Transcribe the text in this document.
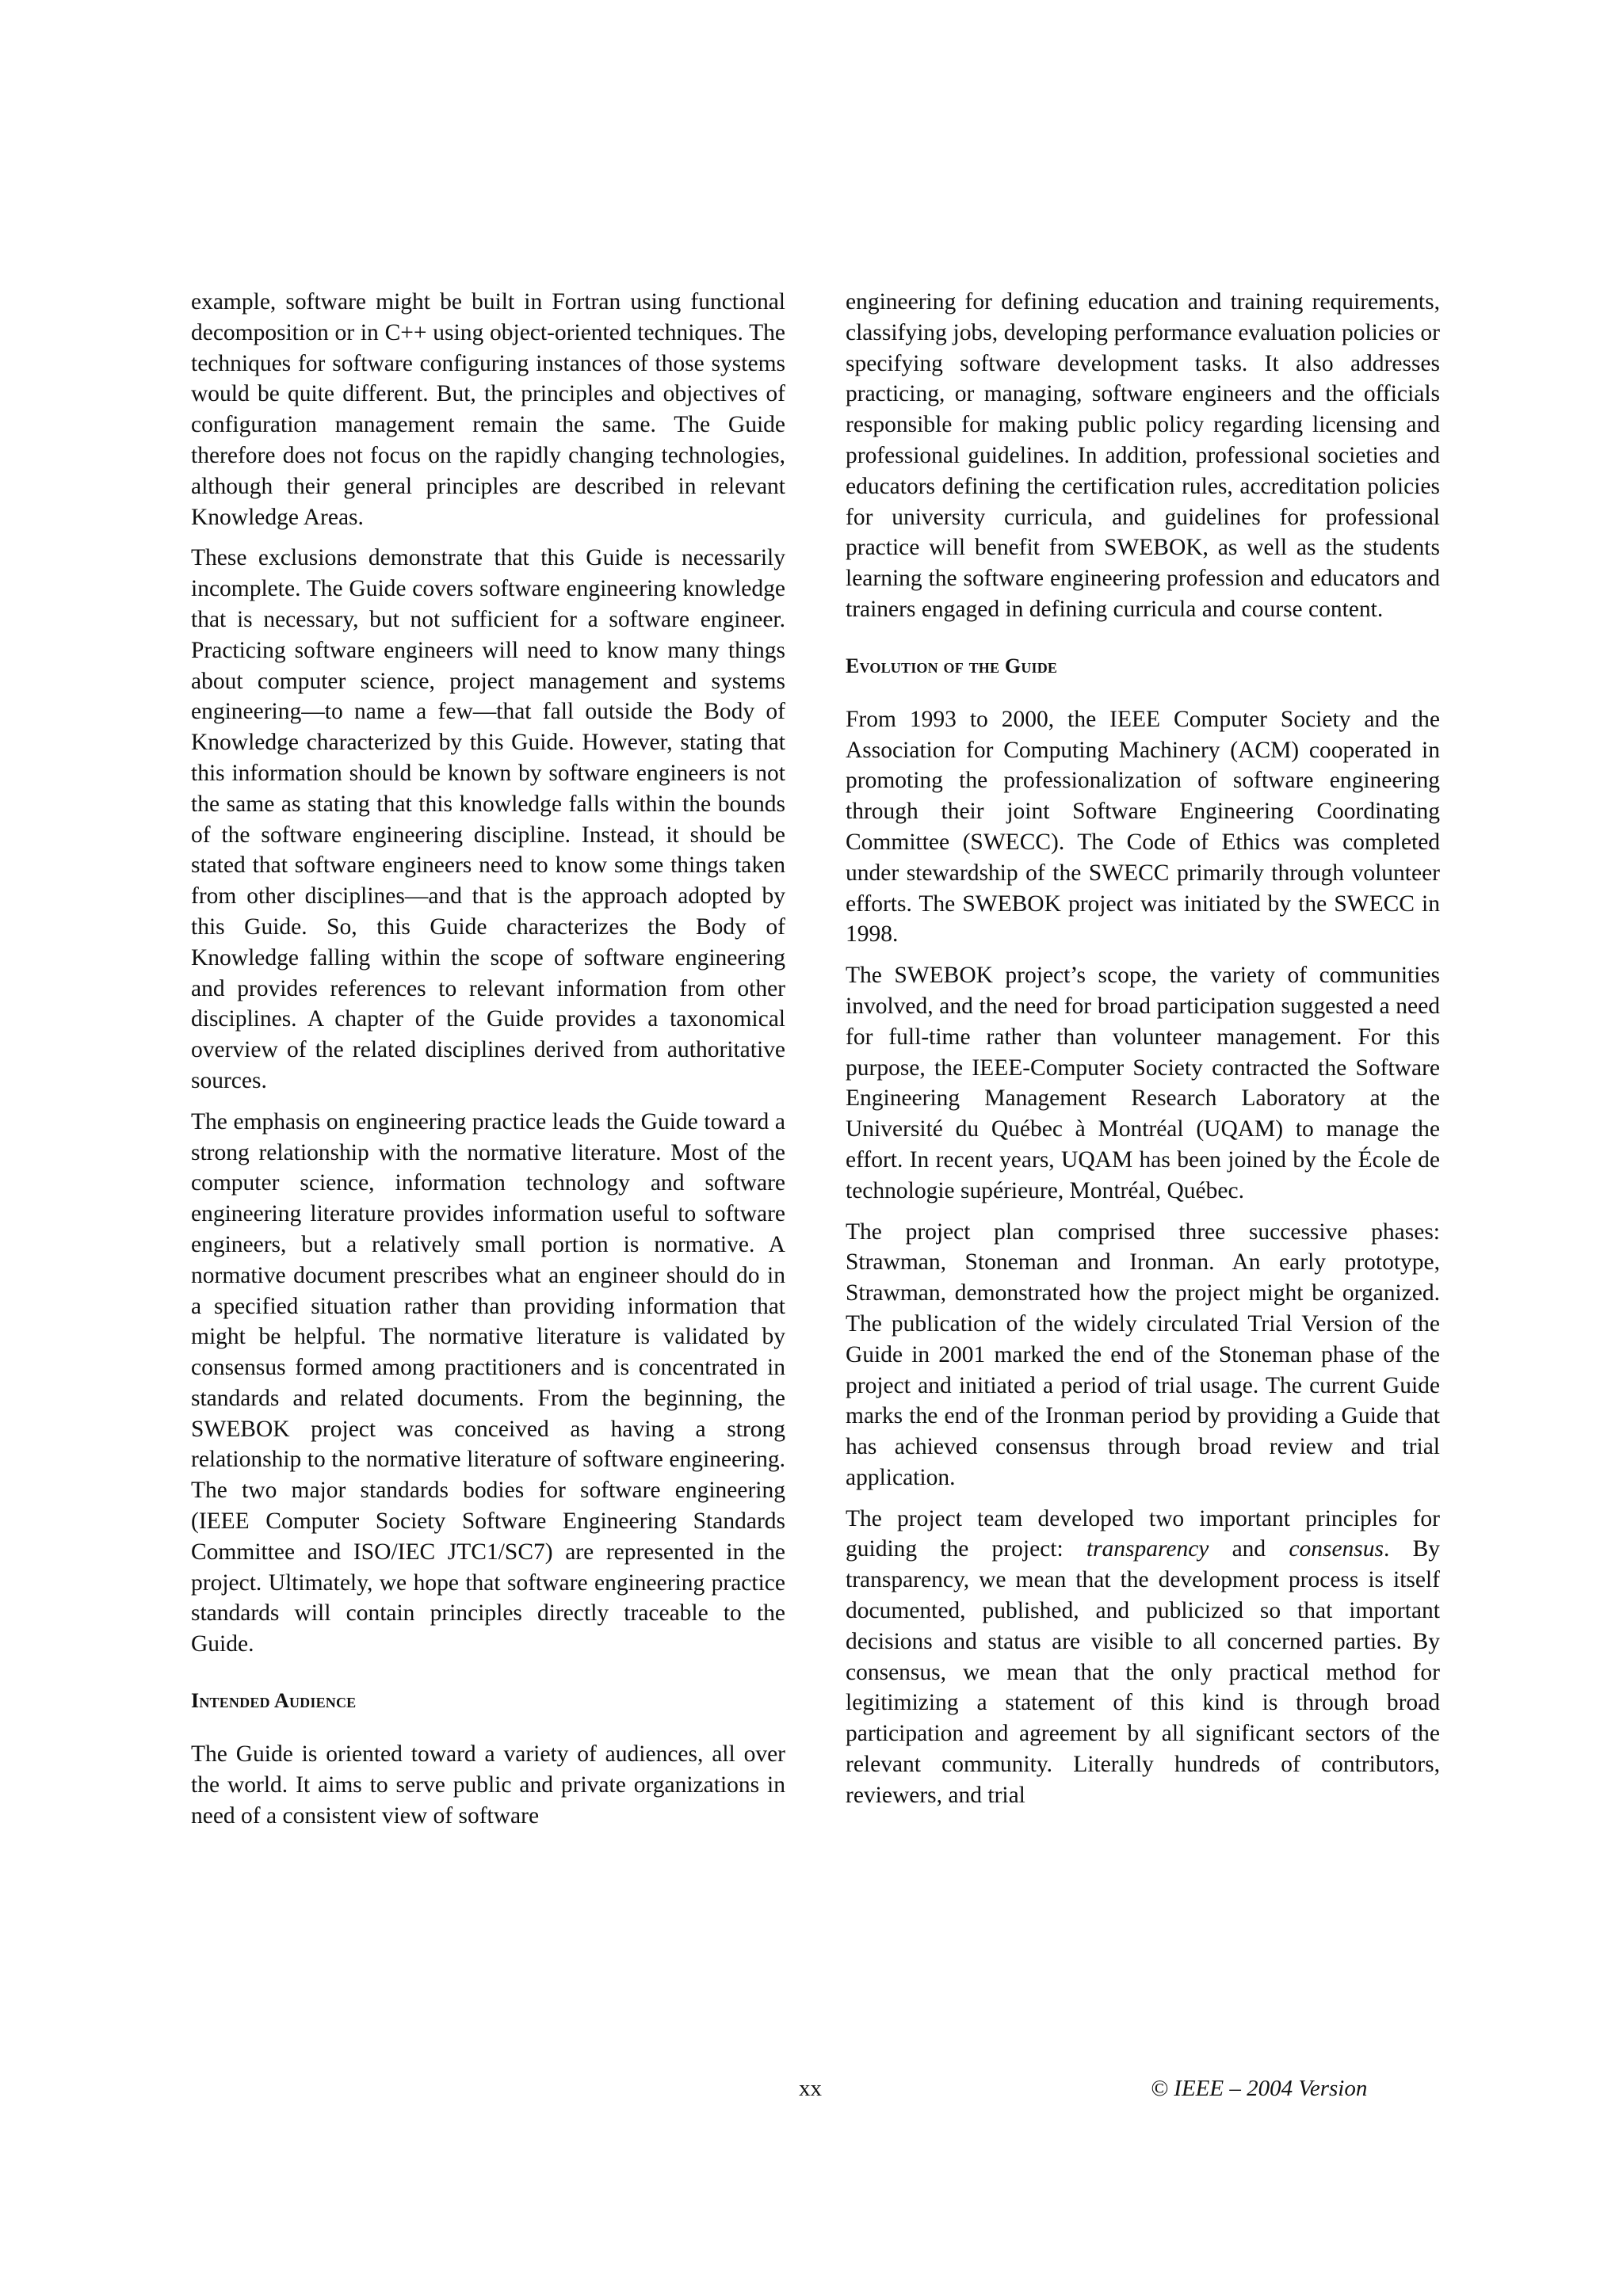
example, software might be built in Fortran using functional decomposition or in C++ using object-oriented techniques. The techniques for software configuring instances of those systems would be quite different. But, the principles and objectives of configuration management remain the same. The Guide therefore does not focus on the rapidly changing technologies, although their general principles are described in relevant Knowledge Areas.

These exclusions demonstrate that this Guide is necessarily incomplete. The Guide covers software engineering knowledge that is necessary, but not sufficient for a software engineer. Practicing software engineers will need to know many things about computer science, project management and systems engineering—to name a few—that fall outside the Body of Knowledge characterized by this Guide. However, stating that this information should be known by software engineers is not the same as stating that this knowledge falls within the bounds of the software engineering discipline. Instead, it should be stated that software engineers need to know some things taken from other disciplines—and that is the approach adopted by this Guide. So, this Guide characterizes the Body of Knowledge falling within the scope of software engineering and provides references to relevant information from other disciplines. A chapter of the Guide provides a taxonomical overview of the related disciplines derived from authoritative sources.

The emphasis on engineering practice leads the Guide toward a strong relationship with the normative literature. Most of the computer science, information technology and software engineering literature provides information useful to software engineers, but a relatively small portion is normative. A normative document prescribes what an engineer should do in a specified situation rather than providing information that might be helpful. The normative literature is validated by consensus formed among practitioners and is concentrated in standards and related documents. From the beginning, the SWEBOK project was conceived as having a strong relationship to the normative literature of software engineering. The two major standards bodies for software engineering (IEEE Computer Society Software Engineering Standards Committee and ISO/IEC JTC1/SC7) are represented in the project. Ultimately, we hope that software engineering practice standards will contain principles directly traceable to the Guide.

Intended Audience

The Guide is oriented toward a variety of audiences, all over the world. It aims to serve public and private organizations in need of a consistent view of software

engineering for defining education and training requirements, classifying jobs, developing performance evaluation policies or specifying software development tasks. It also addresses practicing, or managing, software engineers and the officials responsible for making public policy regarding licensing and professional guidelines. In addition, professional societies and educators defining the certification rules, accreditation policies for university curricula, and guidelines for professional practice will benefit from SWEBOK, as well as the students learning the software engineering profession and educators and trainers engaged in defining curricula and course content.

Evolution of the Guide

From 1993 to 2000, the IEEE Computer Society and the Association for Computing Machinery (ACM) cooperated in promoting the professionalization of software engineering through their joint Software Engineering Coordinating Committee (SWECC). The Code of Ethics was completed under stewardship of the SWECC primarily through volunteer efforts. The SWEBOK project was initiated by the SWECC in 1998.

The SWEBOK project’s scope, the variety of communities involved, and the need for broad participation suggested a need for full-time rather than volunteer management. For this purpose, the IEEE-Computer Society contracted the Software Engineering Management Research Laboratory at the Université du Québec à Montréal (UQAM) to manage the effort. In recent years, UQAM has been joined by the École de technologie supérieure, Montréal, Québec.

The project plan comprised three successive phases: Strawman, Stoneman and Ironman. An early prototype, Strawman, demonstrated how the project might be organized. The publication of the widely circulated Trial Version of the Guide in 2001 marked the end of the Stoneman phase of the project and initiated a period of trial usage. The current Guide marks the end of the Ironman period by providing a Guide that has achieved consensus through broad review and trial application.

The project team developed two important principles for guiding the project: transparency and consensus. By transparency, we mean that the development process is itself documented, published, and publicized so that important decisions and status are visible to all concerned parties. By consensus, we mean that the only practical method for legitimizing a statement of this kind is through broad participation and agreement by all significant sectors of the relevant community. Literally hundreds of contributors, reviewers, and trial

xx	© IEEE – 2004 Version
